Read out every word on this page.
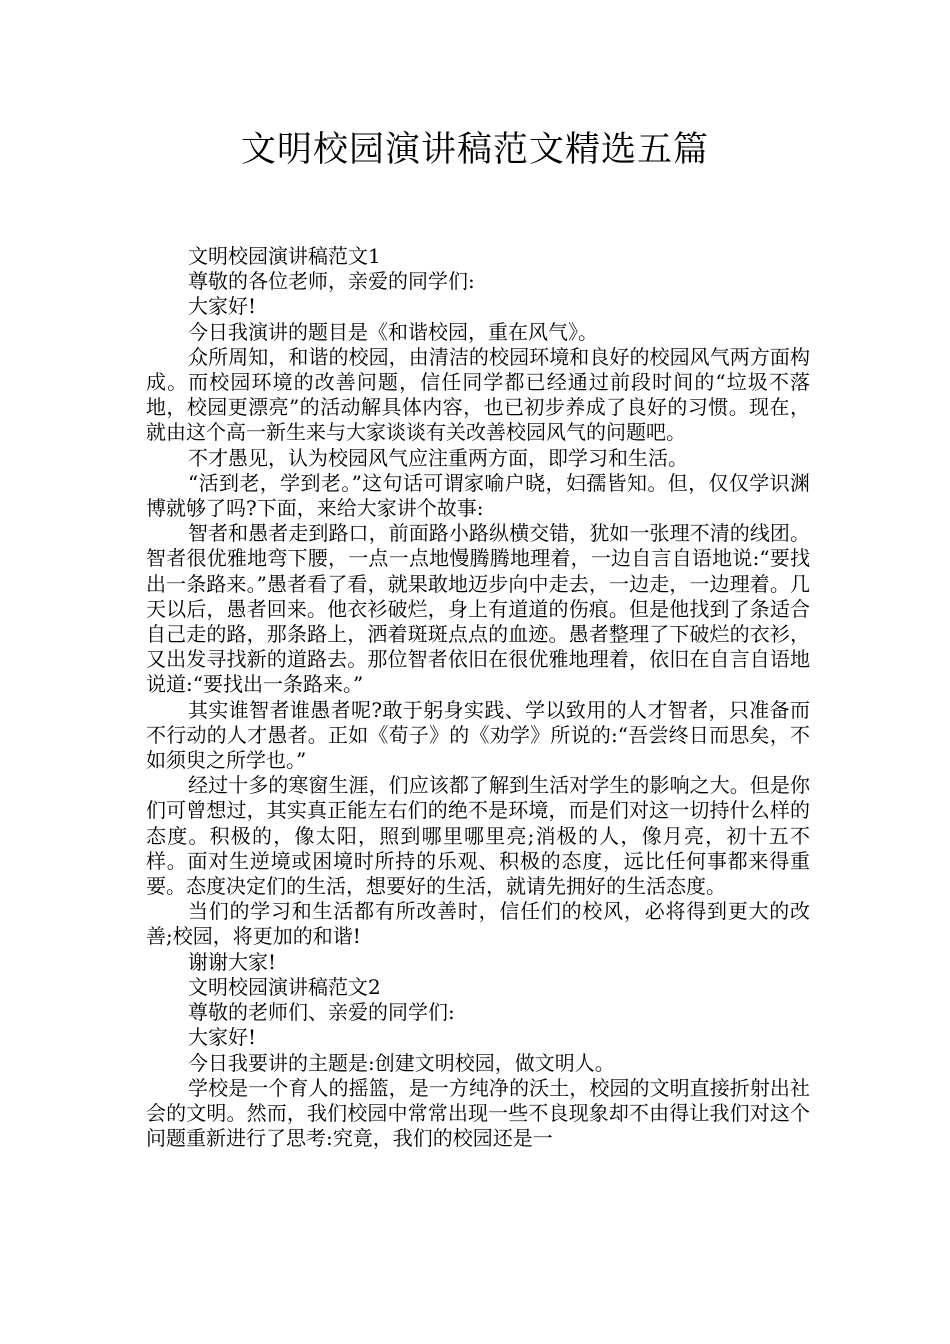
文明校园演讲稿范文精选五篇

文明校园演讲稿范文1

尊敬的各位老师，亲爱的同学们:

大家好!

今日我演讲的题目是《和谐校园，重在风气》。

众所周知，和谐的校园，由清洁的校园环境和良好的校园风气两方面构成。而校园环境的改善问题，信任同学都已经通过前段时间的“垃圾不落地，校园更漂亮”的活动解具体内容，也已初步养成了良好的习惯。现在，就由这个高一新生来与大家谈谈有关改善校园风气的问题吧。

不才愚见，认为校园风气应注重两方面，即学习和生活。

“活到老，学到老。”这句话可谓家喻户晓，妇孺皆知。但，仅仅学识渊博就够了吗?下面，来给大家讲个故事:

智者和愚者走到路口，前面路小路纵横交错，犹如一张理不清的线团。智者很优雅地弯下腰，一点一点地慢腾腾地理着，一边自言自语地说:“要找出一条路来。”愚者看了看，就果敢地迈步向中走去，一边走，一边理着。几天以后，愚者回来。他衣衫破烂，身上有道道的伤痕。但是他找到了条适合自己走的路，那条路上，洒着斑斑点点的血迹。愚者整理了下破烂的衣衫，又出发寻找新的道路去。那位智者依旧在很优雅地理着，依旧在自言自语地说道:“要找出一条路来。”

其实谁智者谁愚者呢?敢于躬身实践、学以致用的人才智者，只准备而不行动的人才愚者。正如《荀子》的《劝学》所说的:“吾尝终日而思矣，不如须臾之所学也。”

经过十多的寒窗生涯，们应该都了解到生活对学生的影响之大。但是你们可曾想过，其实真正能左右们的绝不是环境，而是们对这一切持什么样的态度。积极的，像太阳，照到哪里哪里亮;消极的人，像月亮，初十五不样。面对生逆境或困境时所持的乐观、积极的态度，远比任何事都来得重要。态度决定们的生活，想要好的生活，就请先拥好的生活态度。

当们的学习和生活都有所改善时，信任们的校风，必将得到更大的改善;校园，将更加的和谐!

谢谢大家!

文明校园演讲稿范文2

尊敬的老师们、亲爱的同学们:

大家好!

今日我要讲的主题是:创建文明校园，做文明人。

学校是一个育人的摇篮，是一方纯净的沃土，校园的文明直接折射出社会的文明。然而，我们校园中常常出现一些不良现象却不由得让我们对这个问题重新进行了思考:究竟，我们的校园还是一
